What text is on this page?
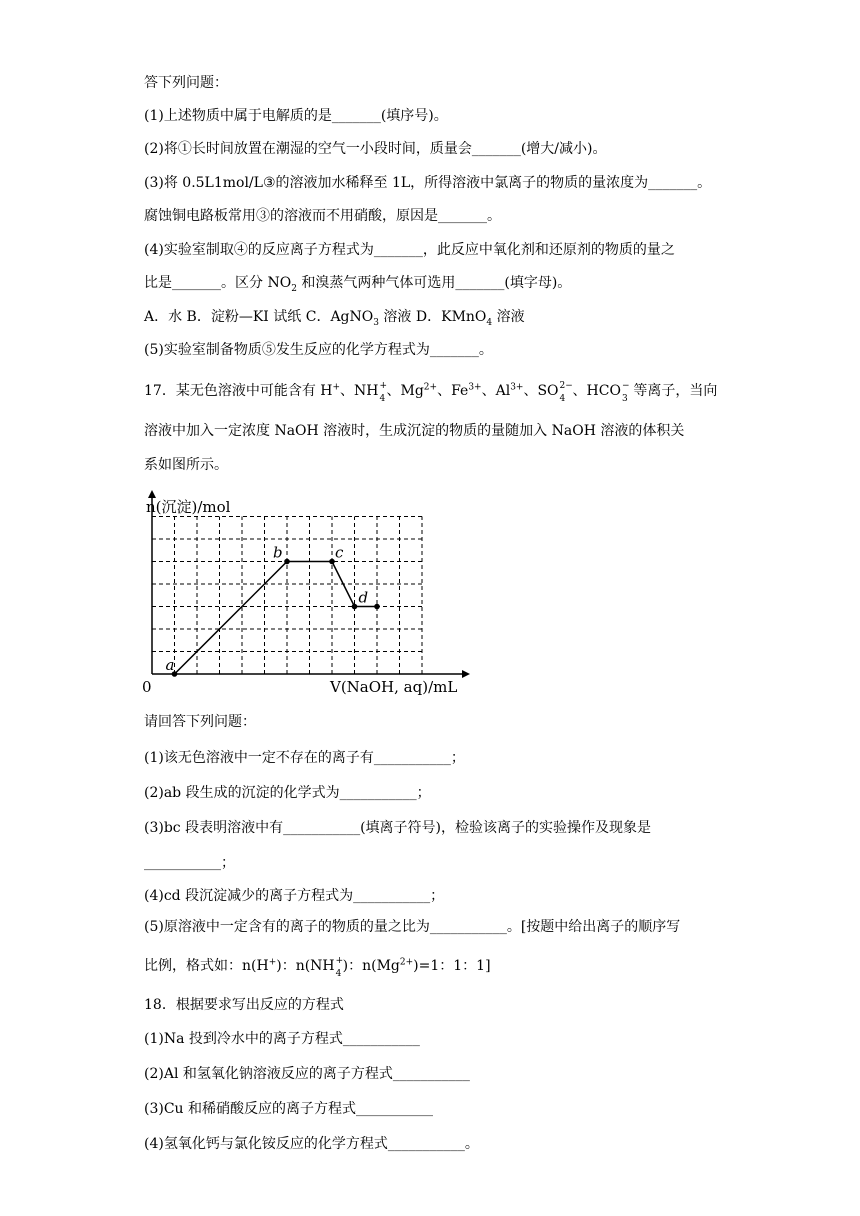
答下列问题：
(1)上述物质中属于电解质的是_______(填序号)。
(2)将①长时间放置在潮湿的空气一小段时间，质量会_______(增大/减小)。
(3)将 0.5L1mol/L③的溶液加水稀释至 1L，所得溶液中氯离子的物质的量浓度为_______。
腐蚀铜电路板常用③的溶液而不用硝酸，原因是_______。
(4)实验室制取④的反应离子方程式为_______，此反应中氧化剂和还原剂的物质的量之
比是_______。区分 $NO_2$ 和溴蒸气两种气体可选用_______(填字母)。
A．水 B．淀粉—KI 试纸 C．AgNO$_3$ 溶液 D．KMnO$_4$ 溶液
(5)实验室制备物质⑤发生反应的化学方程式为_______。
17．某无色溶液中可能含有 H+、NH +
4 、$Mg^{2+}$、$Fe^{3+}$、$Al^{3+}$、SO 2−
4 、HCO −
3 等离子，当向
溶液中加入一定浓度 NaOH 溶液时，生成沉淀的物质的量随加入 NaOH 溶液的体积关
系如图所示。
a
b	c
d
n(沉淀)/mol
0	V(NaOH, aq)/mL
请回答下列问题：
(1)该无色溶液中一定不存在的离子有___________；
(2)ab 段生成的沉淀的化学式为___________；
(3)bc 段表明溶液中有___________(填离子符号)，检验该离子的实验操作及现象是
___________；
(4)cd 段沉淀减少的离子方程式为___________；
(5)原溶液中一定含有的离子的物质的量之比为___________。[按题中给出离子的顺序写
比例，格式如：n(H+)：n(NH +
4 )：$n(Mg^{2+})=1$：1：1]
18．根据要求写出反应的方程式
(1)Na 投到冷水中的离子方程式___________
(2)Al 和氢氧化钠溶液反应的离子方程式___________
(3)Cu 和稀硝酸反应的离子方程式___________
(4)氢氧化钙与氯化铵反应的化学方程式___________。
